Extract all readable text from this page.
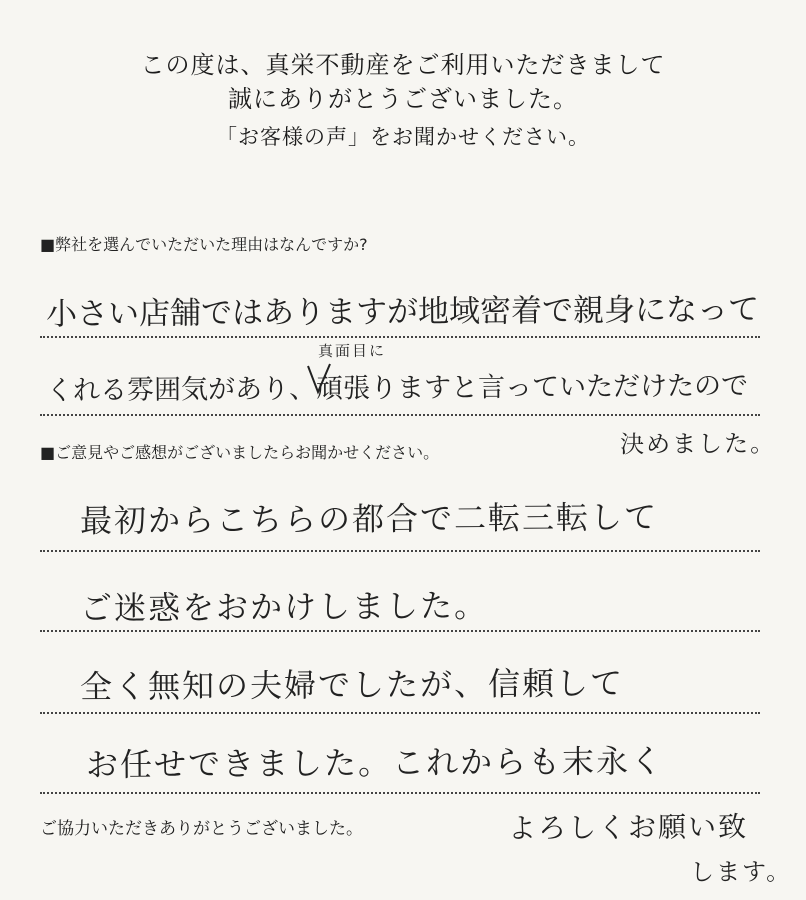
この度は、真栄不動産をご利用いただきまして
誠にありがとうございました。
「お客様の声」をお聞かせください。
■弊社を選んでいただいた理由はなんですか?
小さい店舗ではありますが地域密着で親身になって
真面目に
くれる雰囲気があり、頑張りますと言っていただけたので
決めました。
■ご意見やご感想がございましたらお聞かせください。
最初からこちらの都合で二転三転して
ご迷惑をおかけしました。
全く無知の夫婦でしたが、信頼して
お任せできました。これからも末永く
よろしくお願い致
します。
ご協力いただきありがとうございました。
